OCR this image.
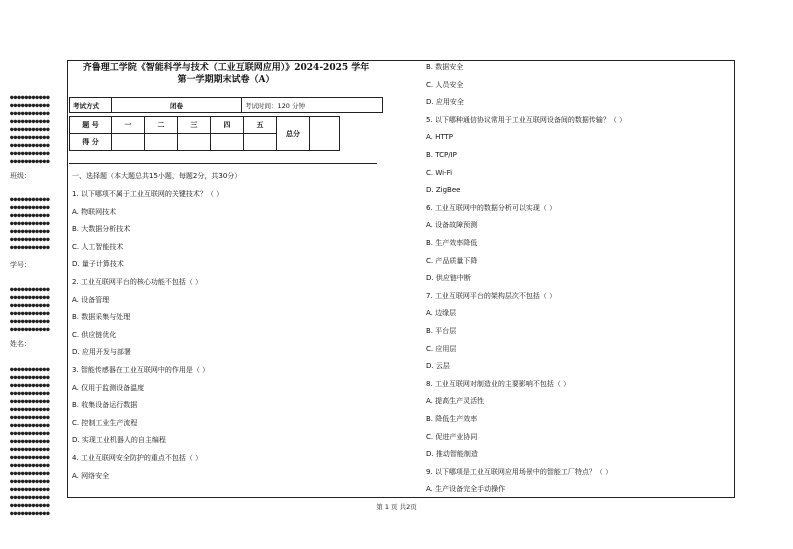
●●●●●●●●●●●
●●●●●●●●●●●
●●●●●●●●●●●
●●●●●●●●●●●
●●●●●●●●●●●
●●●●●●●●●●●
●●●●●●●●●●●
●●●●●●●●●●●
●●●●●●●●●●●
班级：
●●●●●●●●●●●
●●●●●●●●●●●
●●●●●●●●●●●
●●●●●●●●●●●
●●●●●●●●●●●
●●●●●●●●●●●
●●●●●●●●●●●
学号：
●●●●●●●●●●●
●●●●●●●●●●●
●●●●●●●●●●●
●●●●●●●●●●●
●●●●●●●●●●●
●●●●●●●●●●●
姓名：
●●●●●●●●●●●
●●●●●●●●●●●
●●●●●●●●●●●
●●●●●●●●●●●
●●●●●●●●●●●
●●●●●●●●●●●
●●●●●●●●●●●
●●●●●●●●●●●
●●●●●●●●●●●
●●●●●●●●●●●
●●●●●●●●●●●
●●●●●●●●●●●
●●●●●●●●●●●
●●●●●●●●●●●
●●●●●●●●●●●
●●●●●●●●●●●
●●●●●●●●●●●
●●●●●●●●●●●
●●●●●●●●●●●
齐鲁理工学院《智能科学与技术（工业互联网应用）》2024-2025 学年
第一学期期末试卷（A）
考试方式	闭卷	考试时间：120 分钟
题 号	一	二	三	四	五	总分	
得 分							
一、选择题（本大题总共15小题，每题2分，共30分）
1. 以下哪项不属于工业互联网的关键技术？（ ）
A. 物联网技术
B. 大数据分析技术
C. 人工智能技术
D. 量子计算技术
2. 工业互联网平台的核心功能不包括（ ）
A. 设备管理
B. 数据采集与处理
C. 供应链优化
D. 应用开发与部署
3. 智能传感器在工业互联网中的作用是（ ）
A. 仅用于监测设备温度
B. 收集设备运行数据
C. 控制工业生产流程
D. 实现工业机器人的自主编程
4. 工业互联网安全防护的重点不包括（ ）
A. 网络安全
B. 数据安全
C. 人员安全
D. 应用安全
5. 以下哪种通信协议常用于工业互联网设备间的数据传输？（ ）
A. HTTP
B. TCP/IP
C. Wi-Fi
D. ZigBee
6. 工业互联网中的数据分析可以实现（ ）
A. 设备故障预测
B. 生产效率降低
C. 产品质量下降
D. 供应链中断
7. 工业互联网平台的架构层次不包括（ ）
A. 边缘层
B. 平台层
C. 应用层
D. 云层
8. 工业互联网对制造业的主要影响不包括（ ）
A. 提高生产灵活性
B. 降低生产效率
C. 促进产业协同
D. 推动智能制造
9. 以下哪项是工业互联网应用场景中的智能工厂特点？（ ）
A. 生产设备完全手动操作
第 1 页 共2页
